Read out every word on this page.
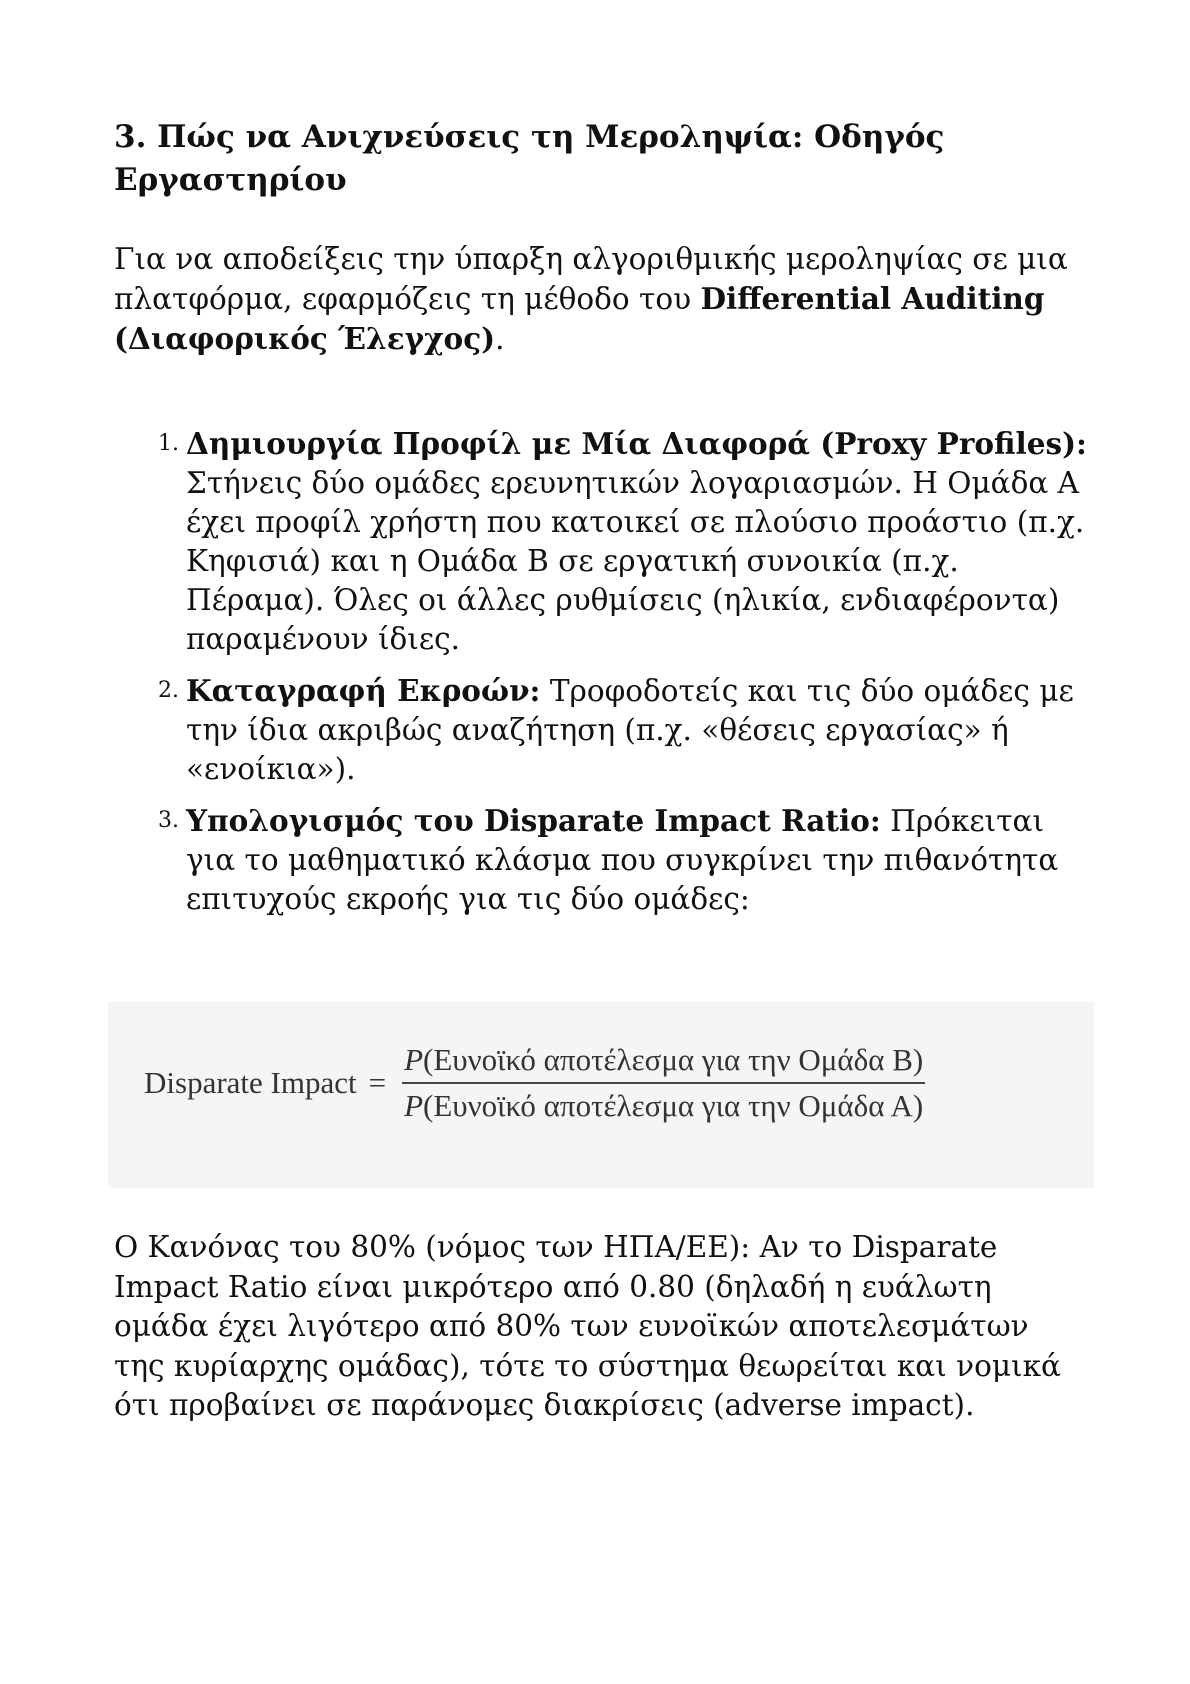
3. Πώς να Ανιχνεύσεις τη Μεροληψία: Οδηγός Εργαστηρίου

Για να αποδείξεις την ύπαρξη αλγοριθμικής μεροληψίας σε μια πλατφόρμα, εφαρμόζεις τη μέθοδο του Differential Auditing (Διαφορικός Έλεγχος).

1. Δημιουργία Προφίλ με Μία Διαφορά (Proxy Profiles): Στήνεις δύο ομάδες ερευνητικών λογαριασμών. Η Ομάδα Α έχει προφίλ χρήστη που κατοικεί σε πλούσιο προάστιο (π.χ. Κηφισιά) και η Ομάδα Β σε εργατική συνοικία (π.χ. Πέραμα). Όλες οι άλλες ρυθμίσεις (ηλικία, ενδιαφέροντα) παραμένουν ίδιες.
2. Καταγραφή Εκροών: Τροφοδοτείς και τις δύο ομάδες με την ίδια ακριβώς αναζήτηση (π.χ. «θέσεις εργασίας» ή «ενοίκια»).
3. Υπολογισμός του Disparate Impact Ratio: Πρόκειται για το μαθηματικό κλάσμα που συγκρίνει την πιθανότητα επιτυχούς εκροής για τις δύο ομάδες:
Disparate Impact = $\frac{\text{P(Ευνοϊκό αποτέλεσμα για την Ομάδα Β)}}{\text{P(Ευνοϊκό αποτέλεσμα για την Ομάδα Α)}}$

Ο Κανόνας του 80% (νόμος των ΗΠΑ/ΕΕ): Αν το Disparate Impact Ratio είναι μικρότερο από 0.80 (δηλαδή η ευάλωτη ομάδα έχει λιγότερο από 80% των ευνοϊκών αποτελεσμάτων της κυρίαρχης ομάδας), τότε το σύστημα θεωρείται και νομικά ότι προβαίνει σε παράνομες διακρίσεις (adverse impact).
